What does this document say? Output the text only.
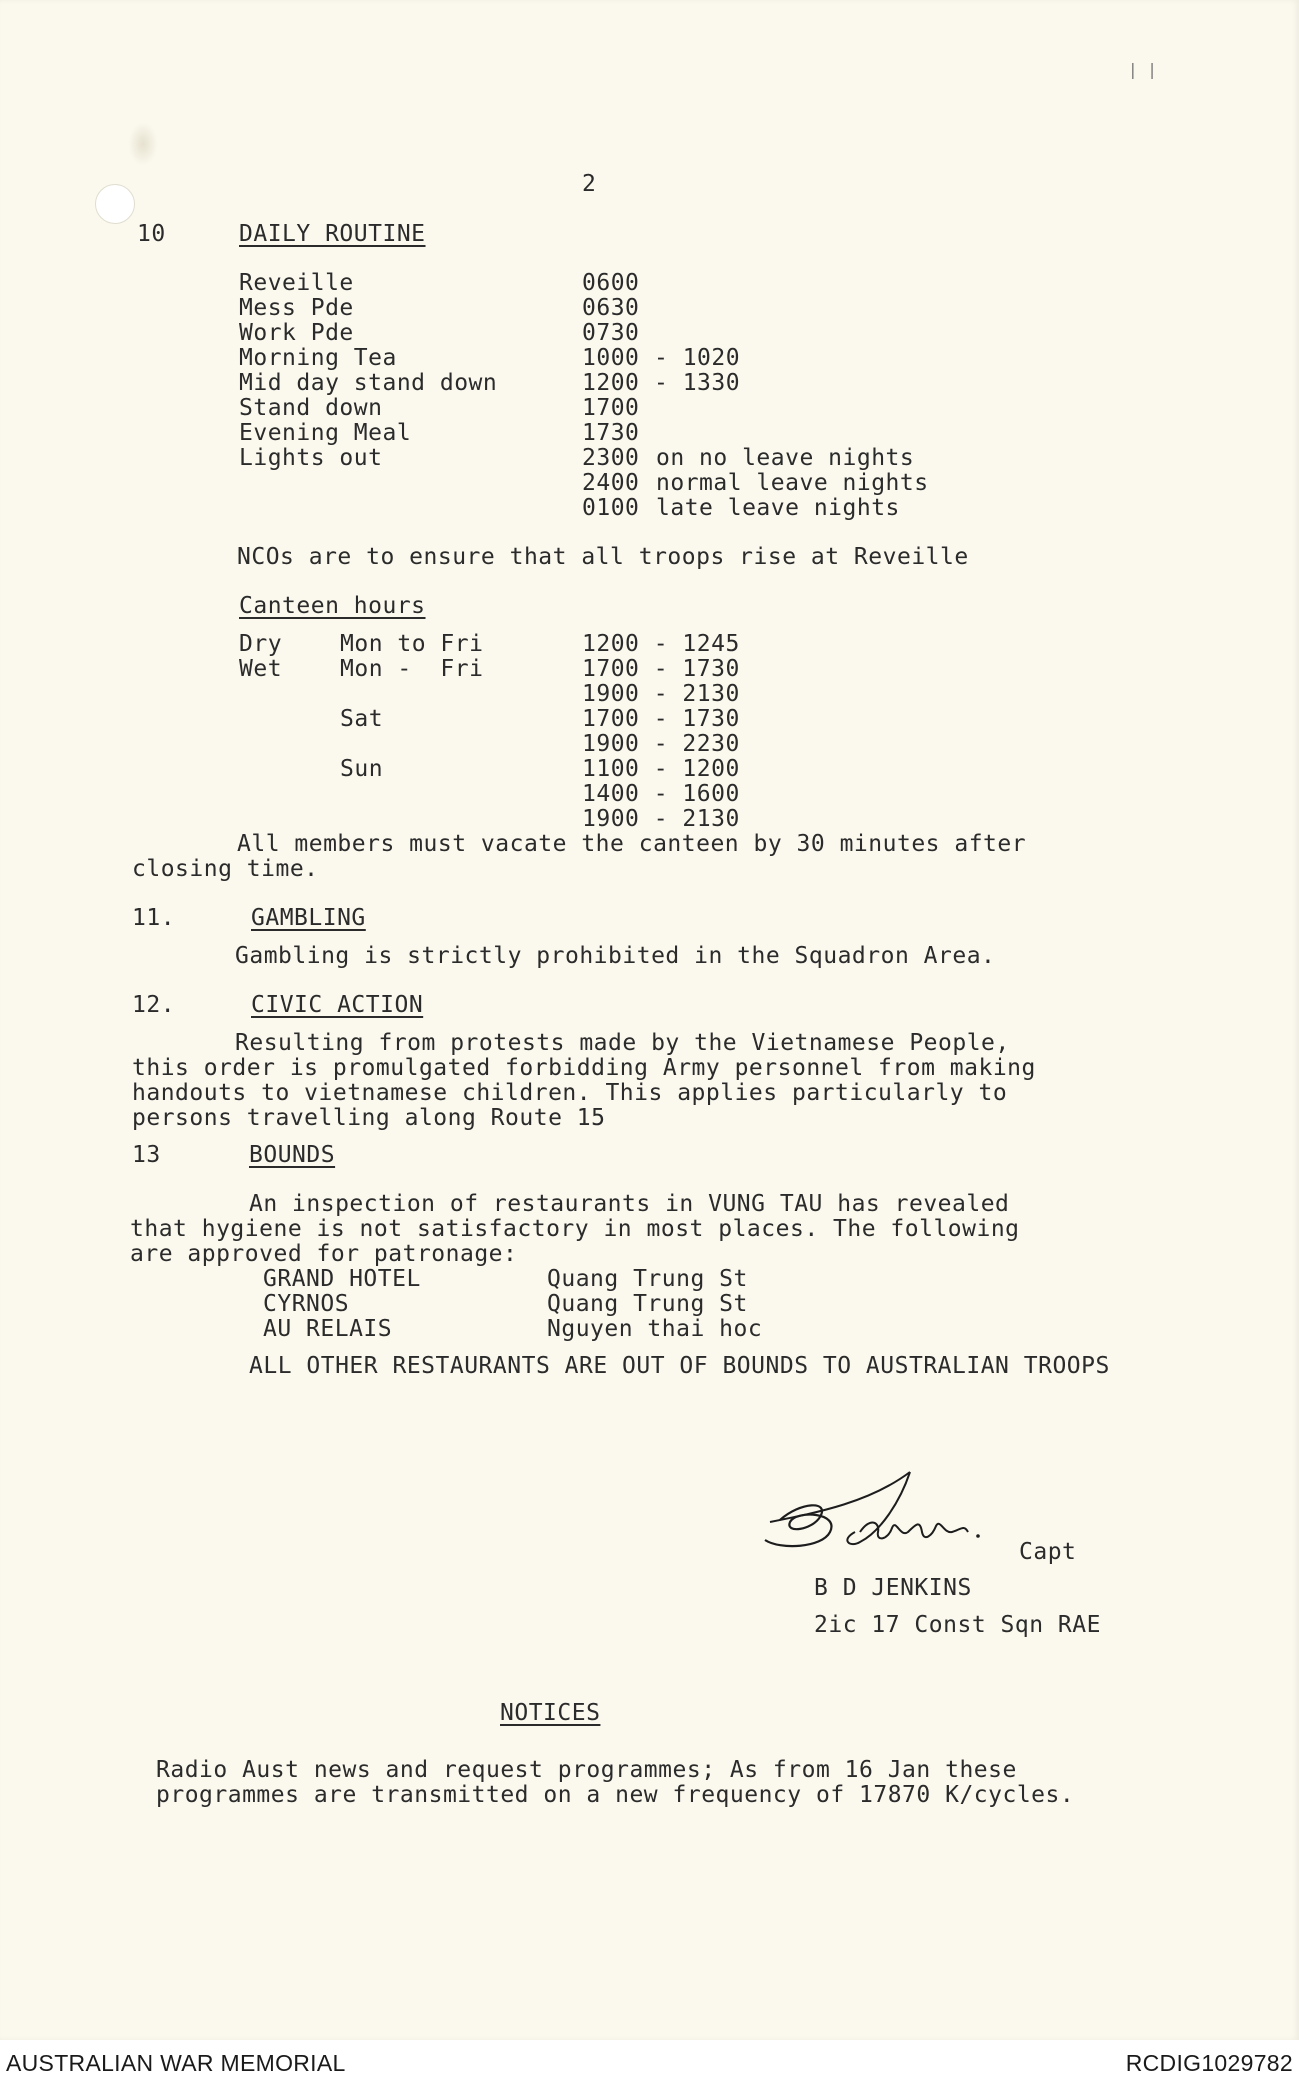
| |
2
10	DAILY ROUTINE
Reveille	0600
Mess Pde	0630
Work Pde	0730
Morning Tea	1000 - 1020
Mid day stand down	1200 - 1330
Stand down	1700
Evening Meal	1730
Lights out	2300 on no leave nights
2400 normal leave nights
0100 late leave nights
NCOs are to ensure that all troops rise at Reveille
Canteen hours
Dry	Mon to Fri	1200 - 1245
Wet	Mon -  Fri	1700 - 1730
1900 - 2130
Sat	1700 - 1730
1900 - 2230
Sun	1100 - 1200
1400 - 1600
1900 - 2130
All members must vacate the canteen by 30 minutes after
closing time.
11.	GAMBLING
Gambling is strictly prohibited in the Squadron Area.
12.	CIVIC ACTION
Resulting from protests made by the Vietnamese People,
this order is promulgated forbidding Army personnel from making
handouts to vietnamese children. This applies particularly to
persons travelling along Route 15
13	BOUNDS
An inspection of restaurants in VUNG TAU has revealed
that hygiene is not satisfactory in most places. The following
are approved for patronage:
GRAND HOTEL	Quang Trung St
CYRNOS	Quang Trung St
AU RELAIS	Nguyen thai hoc
ALL OTHER RESTAURANTS ARE OUT OF BOUNDS TO AUSTRALIAN TROOPS
Capt
B D JENKINS
2ic 17 Const Sqn RAE
NOTICES
Radio Aust news and request programmes; As from 16 Jan these
programmes are transmitted on a new frequency of 17870 K/cycles.
AUSTRALIAN WAR MEMORIAL	RCDIG1029782
